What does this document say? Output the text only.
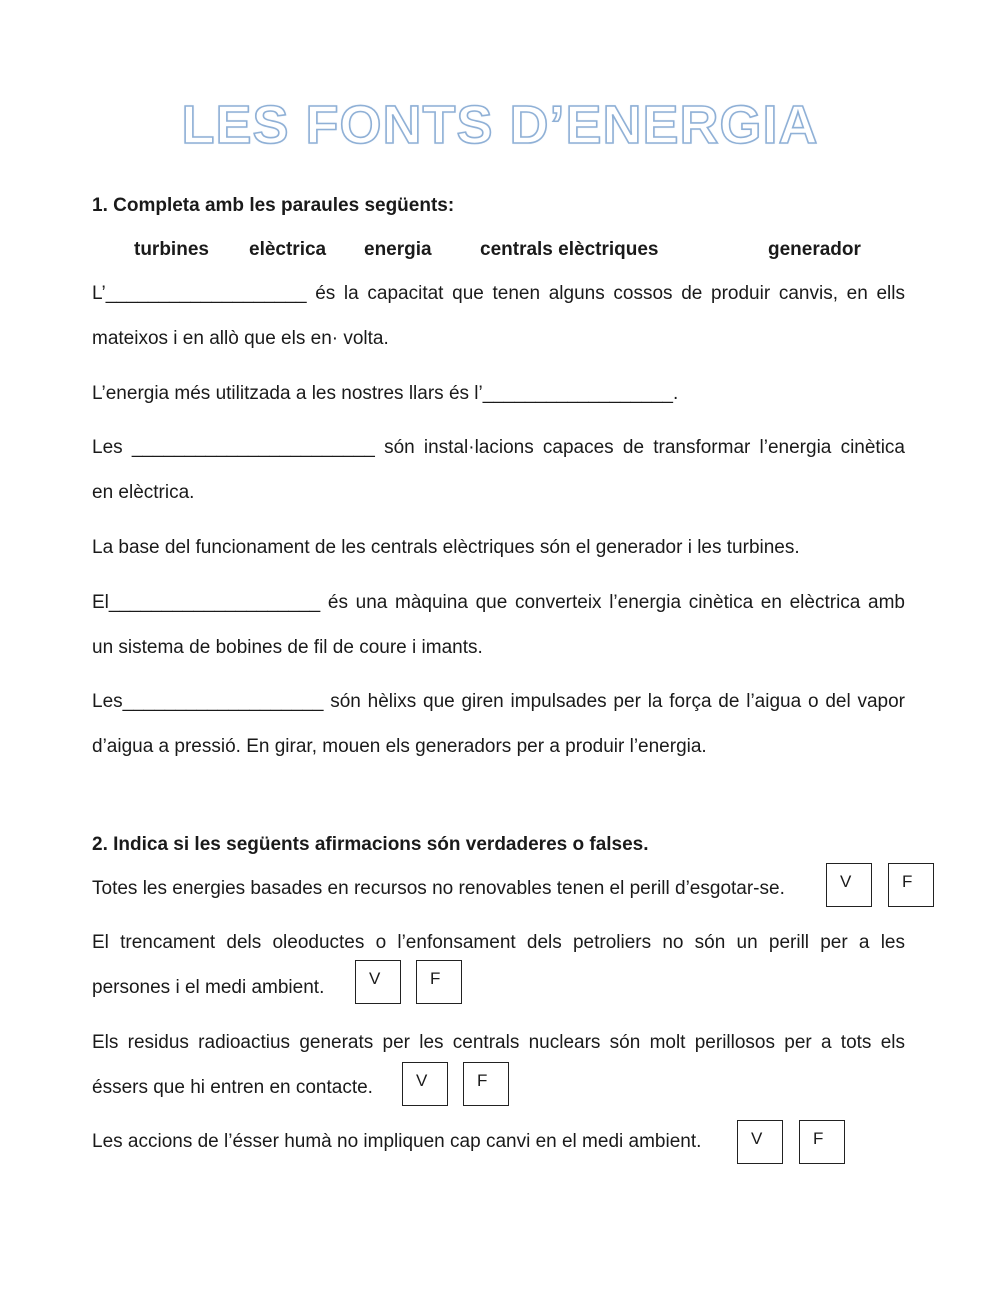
LES FONTS D’ENERGIA
1. Completa amb les paraules següents:
turbines elèctrica energia	centrals elèctriques	generador
L’___________________ és la capacitat que tenen alguns cossos de produir canvis, en ells
mateixos i en allò que els en· volta.
L’energia més utilitzada a les nostres llars és l’__________________.
Les _______________________ són instal·lacions capaces de transformar l’energia cinètica
en elèctrica.
La base del funcionament de les centrals elèctriques són el generador i les turbines.
El____________________ és una màquina que converteix l’energia cinètica en elèctrica amb
un sistema de bobines de fil de coure i imants.
Les___________________ són hèlixs que giren impulsades per la força de l’aigua o del vapor
d’aigua a pressió. En girar, mouen els generadors per a produir l’energia.
2. Indica si les següents afirmacions són verdaderes o falses.
Totes les energies basades en recursos no renovables tenen el perill d’esgotar-se.	V	F
El trencament dels oleoductes o l’enfonsament dels petroliers no són un perill per a les
persones i el medi ambient.	V	F
Els residus radioactius generats per les centrals nuclears són molt perillosos per a tots els
éssers que hi entren en contacte.	V	F
Les accions de l’ésser humà no impliquen cap canvi en el medi ambient.	V	F
